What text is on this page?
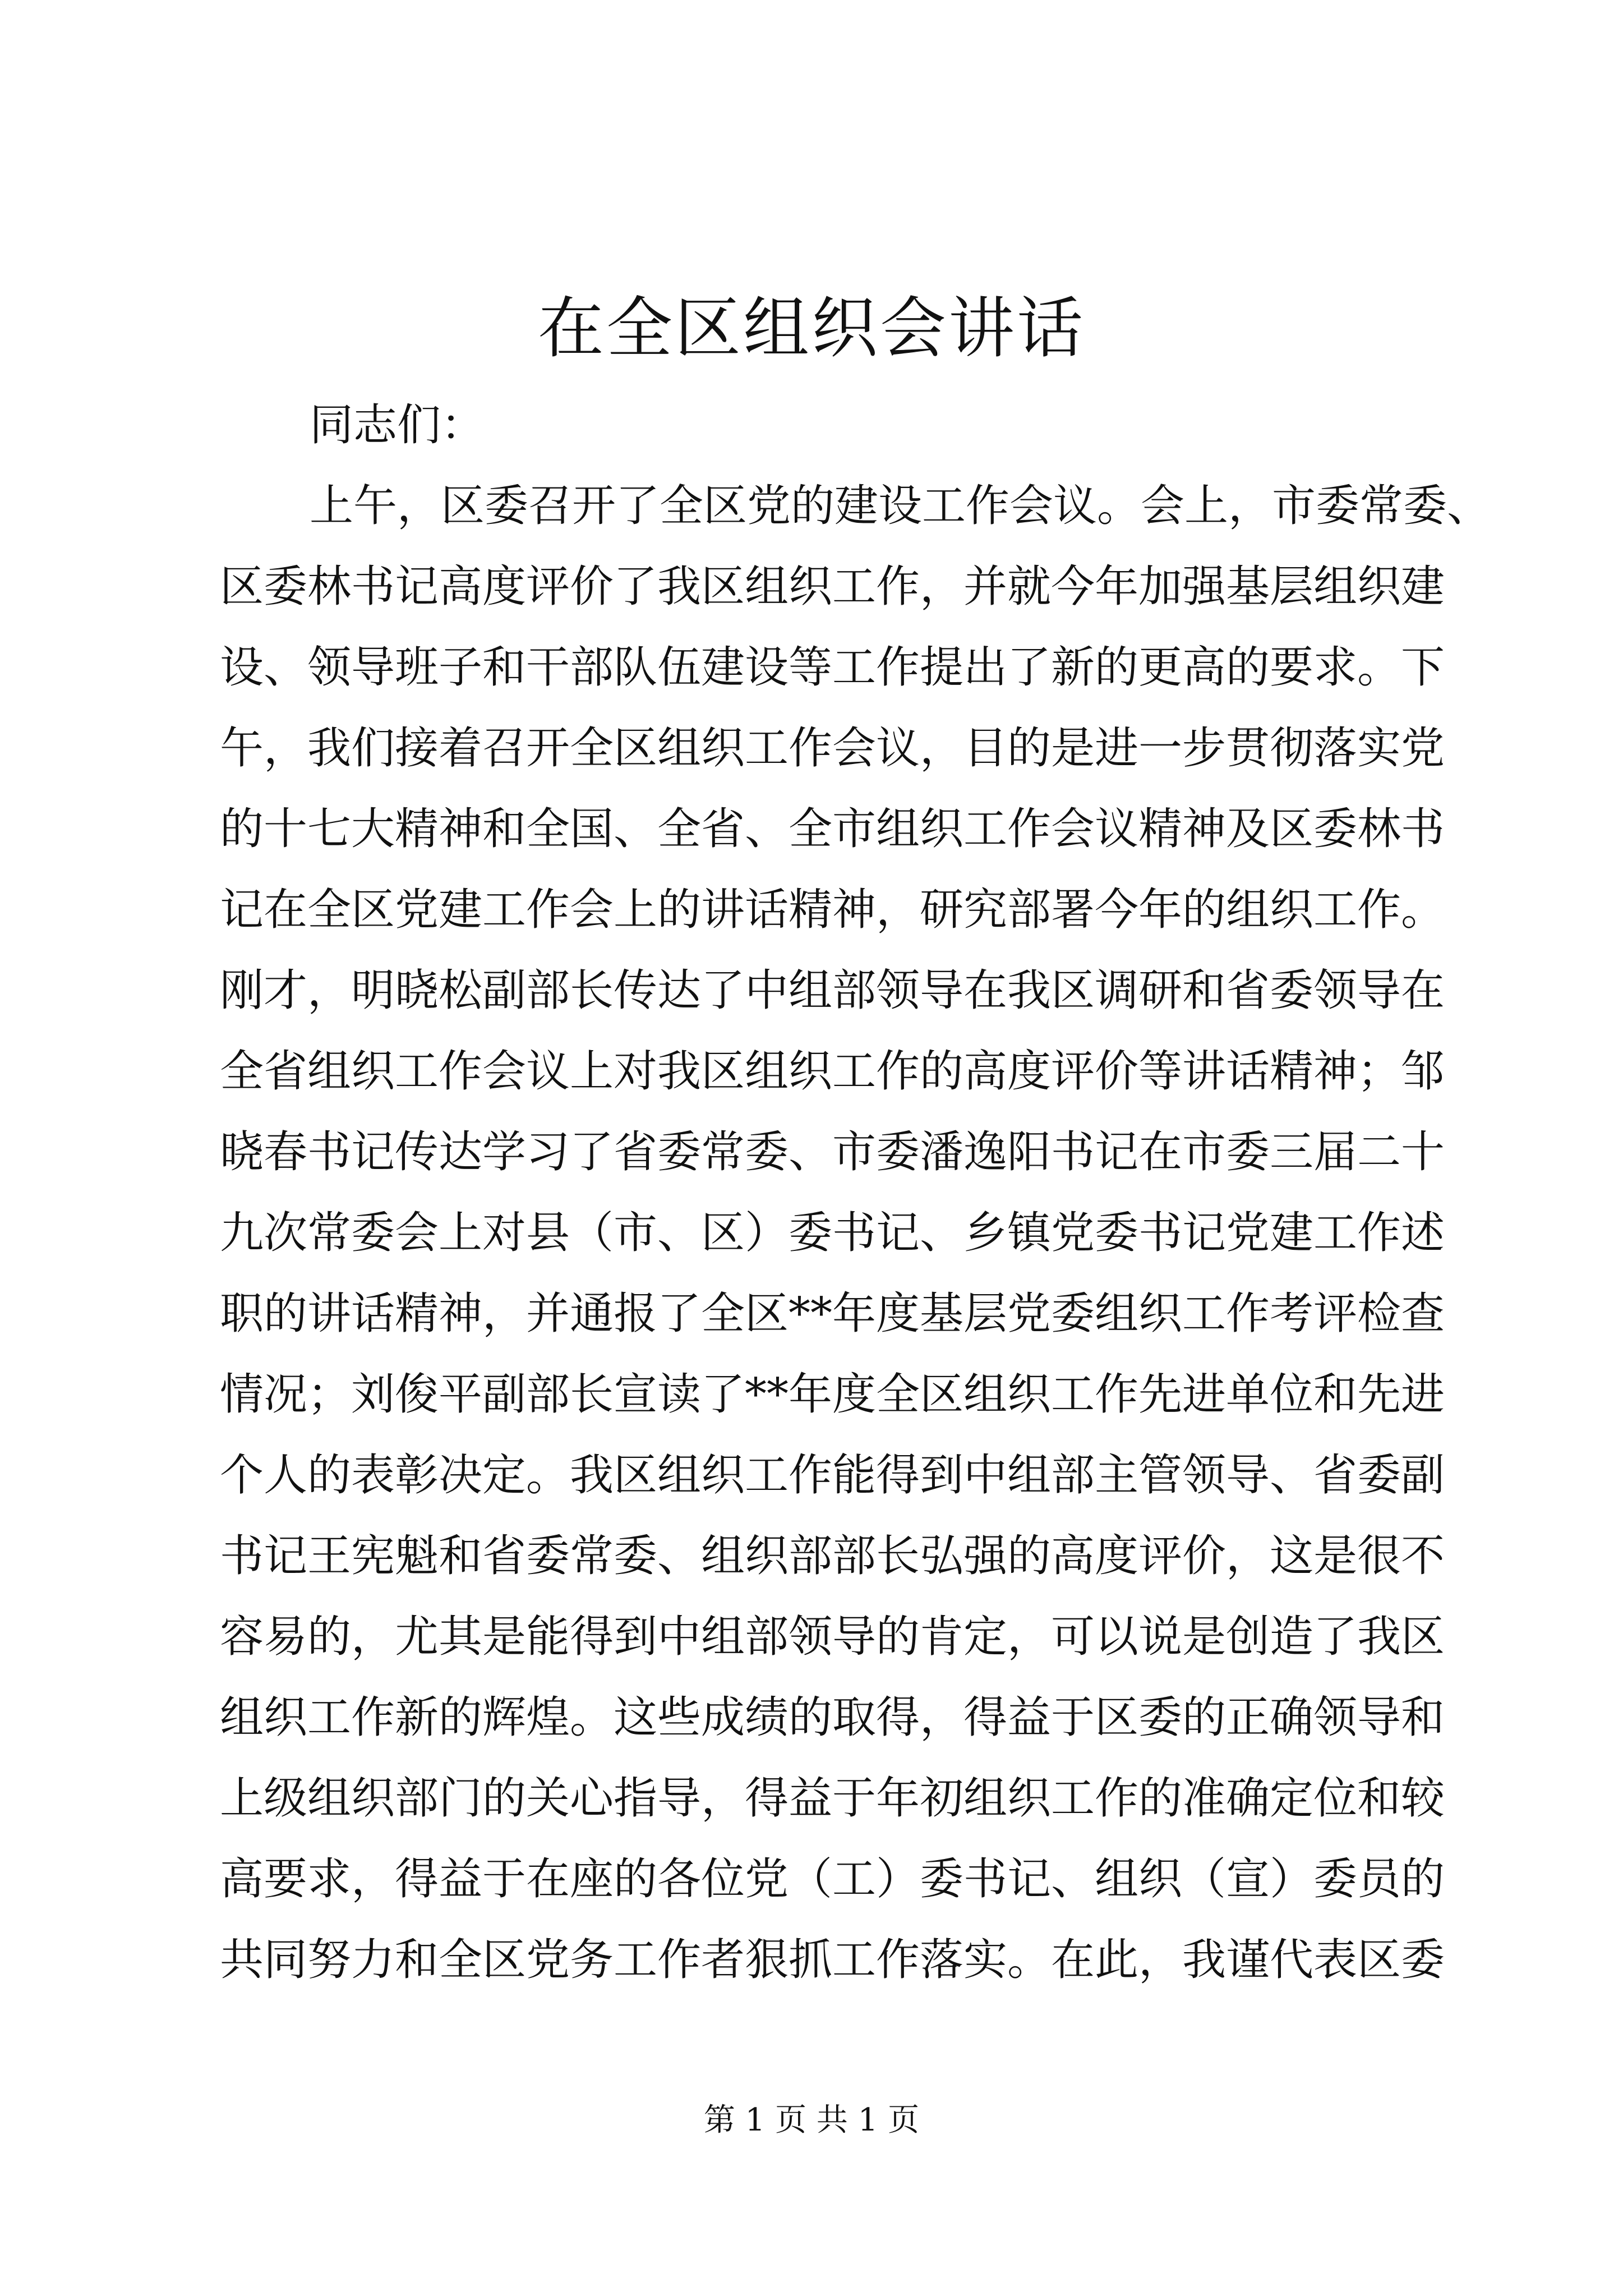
在全区组织会讲话
同志们：
上午，区委召开了全区党的建设工作会议。会上，市委常委、
区委林书记高度评价了我区组织工作，并就今年加强基层组织建
设、领导班子和干部队伍建设等工作提出了新的更高的要求。下
午，我们接着召开全区组织工作会议，目的是进一步贯彻落实党
的十七大精神和全国、全省、全市组织工作会议精神及区委林书
记在全区党建工作会上的讲话精神，研究部署今年的组织工作。
刚才，明晓松副部长传达了中组部领导在我区调研和省委领导在
全省组织工作会议上对我区组织工作的高度评价等讲话精神；邹
晓春书记传达学习了省委常委、市委潘逸阳书记在市委三届二十
九次常委会上对县（市、区）委书记、乡镇党委书记党建工作述
职的讲话精神，并通报了全区**年度基层党委组织工作考评检查
情况；刘俊平副部长宣读了**年度全区组织工作先进单位和先进
个人的表彰决定。我区组织工作能得到中组部主管领导、省委副
书记王宪魁和省委常委、组织部部长弘强的高度评价，这是很不
容易的，尤其是能得到中组部领导的肯定，可以说是创造了我区
组织工作新的辉煌。这些成绩的取得，得益于区委的正确领导和
上级组织部门的关心指导，得益于年初组织工作的准确定位和较
高要求，得益于在座的各位党（工）委书记、组织（宣）委员的
共同努力和全区党务工作者狠抓工作落实。在此，我谨代表区委
第 1 页 共 1 页
